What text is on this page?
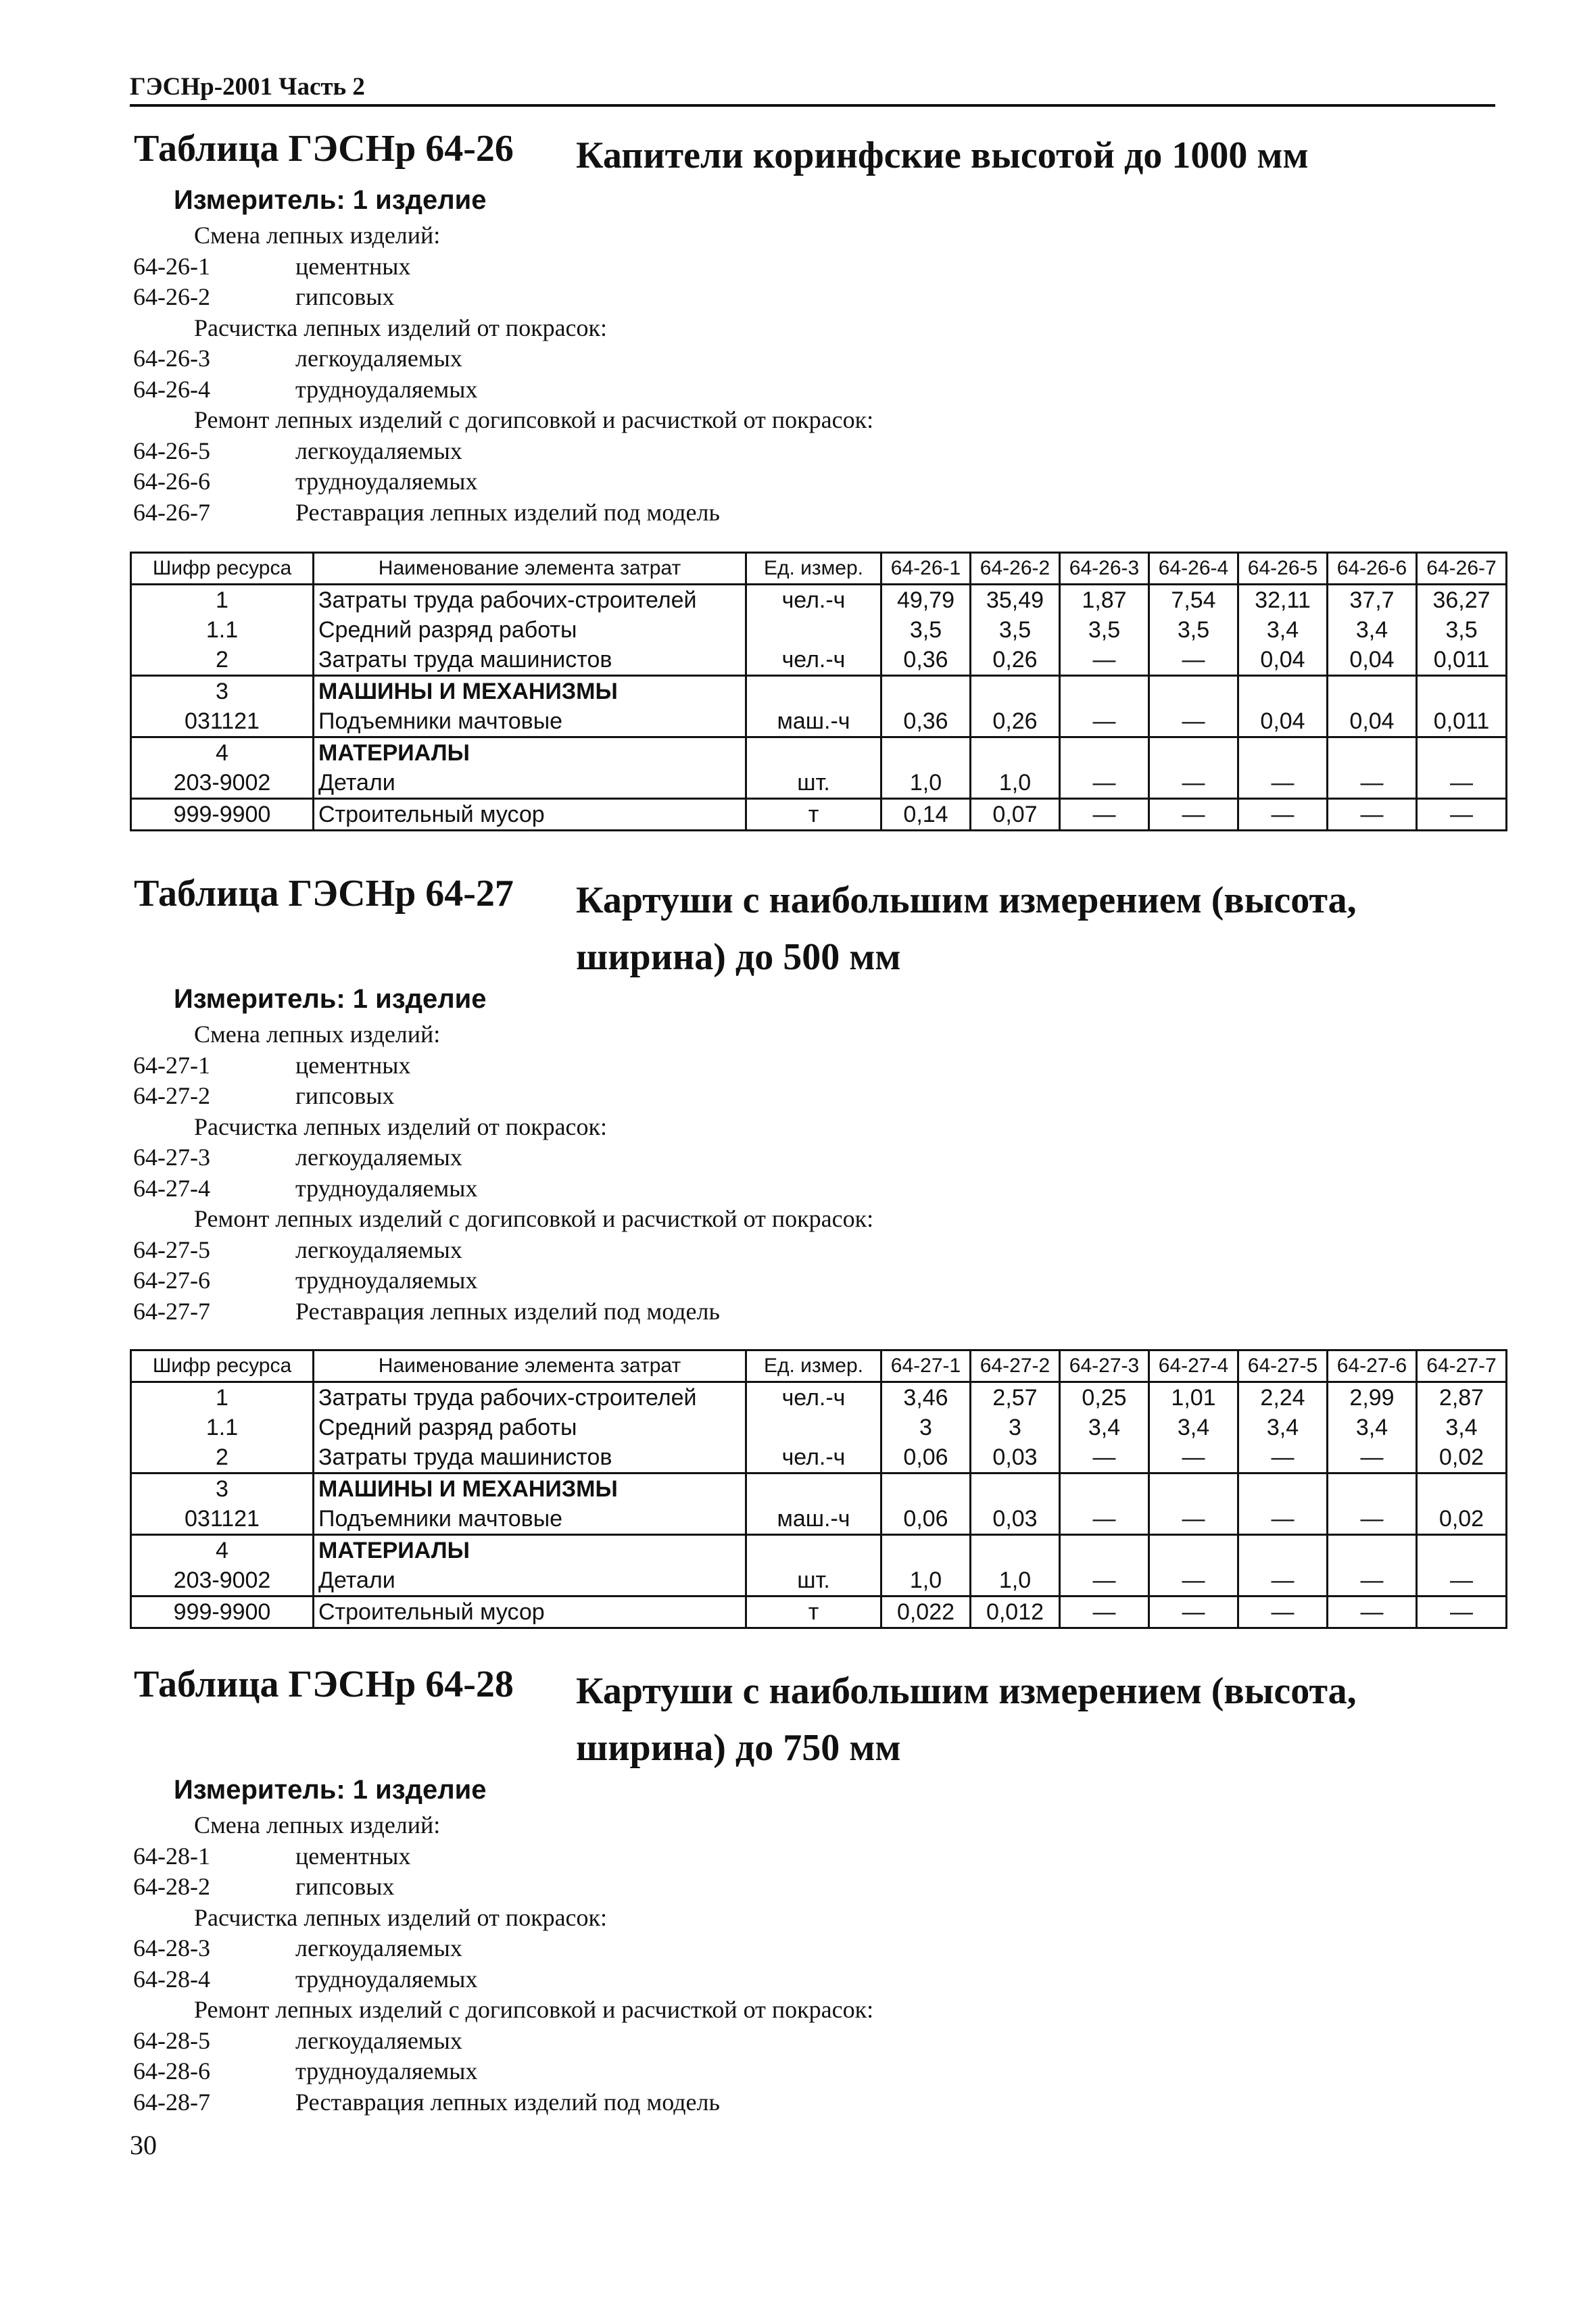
ГЭСНр-2001 Часть 2
Таблица ГЭСНр 64-26 Капители коринфские высотой до 1000 мм
Измеритель: 1 изделие
Смена лепных изделий:
64-26-1	цементных
64-26-2	гипсовых
Расчистка лепных изделий от покрасок:
64-26-3	легкоудаляемых
64-26-4	трудноудаляемых
Ремонт лепных изделий с догипсовкой и расчисткой от покрасок:
64-26-5	легкоудаляемых
64-26-6	трудноудаляемых
64-26-7	Реставрация лепных изделий под модель
Шифр ресурса	Наименование элемента затрат	Ед. измер.	64-26-1	64-26-2	64-26-3	64-26-4	64-26-5	64-26-6	64-26-7
1	Затраты труда рабочих-строителей	чел.-ч	49,79	35,49	1,87	7,54	32,11	37,7	36,27
1.1	Средний разряд работы		3,5	3,5	3,5	3,5	3,4	3,4	3,5
2	Затраты труда машинистов	чел.-ч	0,36	0,26	—	—	0,04	0,04	0,011
3	МАШИНЫ И МЕХАНИЗМЫ								
031121	Подъемники мачтовые	маш.-ч	0,36	0,26	—	—	0,04	0,04	0,011
4	МАТЕРИАЛЫ								
203-9002	Детали	шт.	1,0	1,0	—	—	—	—	—
999-9900	Строительный мусор	т	0,14	0,07	—	—	—	—	—
Таблица ГЭСНр 64-27 Картуши с наибольшим измерением (высота, ширина) до 500 мм
Измеритель: 1 изделие
Смена лепных изделий:
64-27-1	цементных
64-27-2	гипсовых
Расчистка лепных изделий от покрасок:
64-27-3	легкоудаляемых
64-27-4	трудноудаляемых
Ремонт лепных изделий с догипсовкой и расчисткой от покрасок:
64-27-5	легкоудаляемых
64-27-6	трудноудаляемых
64-27-7	Реставрация лепных изделий под модель
Шифр ресурса	Наименование элемента затрат	Ед. измер.	64-27-1	64-27-2	64-27-3	64-27-4	64-27-5	64-27-6	64-27-7
1	Затраты труда рабочих-строителей	чел.-ч	3,46	2,57	0,25	1,01	2,24	2,99	2,87
1.1	Средний разряд работы		3	3	3,4	3,4	3,4	3,4	3,4
2	Затраты труда машинистов	чел.-ч	0,06	0,03	—	—	—	—	0,02
3	МАШИНЫ И МЕХАНИЗМЫ								
031121	Подъемники мачтовые	маш.-ч	0,06	0,03	—	—	—	—	0,02
4	МАТЕРИАЛЫ								
203-9002	Детали	шт.	1,0	1,0	—	—	—	—	—
999-9900	Строительный мусор	т	0,022	0,012	—	—	—	—	—
Таблица ГЭСНр 64-28 Картуши с наибольшим измерением (высота, ширина) до 750 мм
Измеритель: 1 изделие
Смена лепных изделий:
64-28-1	цементных
64-28-2	гипсовых
Расчистка лепных изделий от покрасок:
64-28-3	легкоудаляемых
64-28-4	трудноудаляемых
Ремонт лепных изделий с догипсовкой и расчисткой от покрасок:
64-28-5	легкоудаляемых
64-28-6	трудноудаляемых
64-28-7	Реставрация лепных изделий под модель
30
